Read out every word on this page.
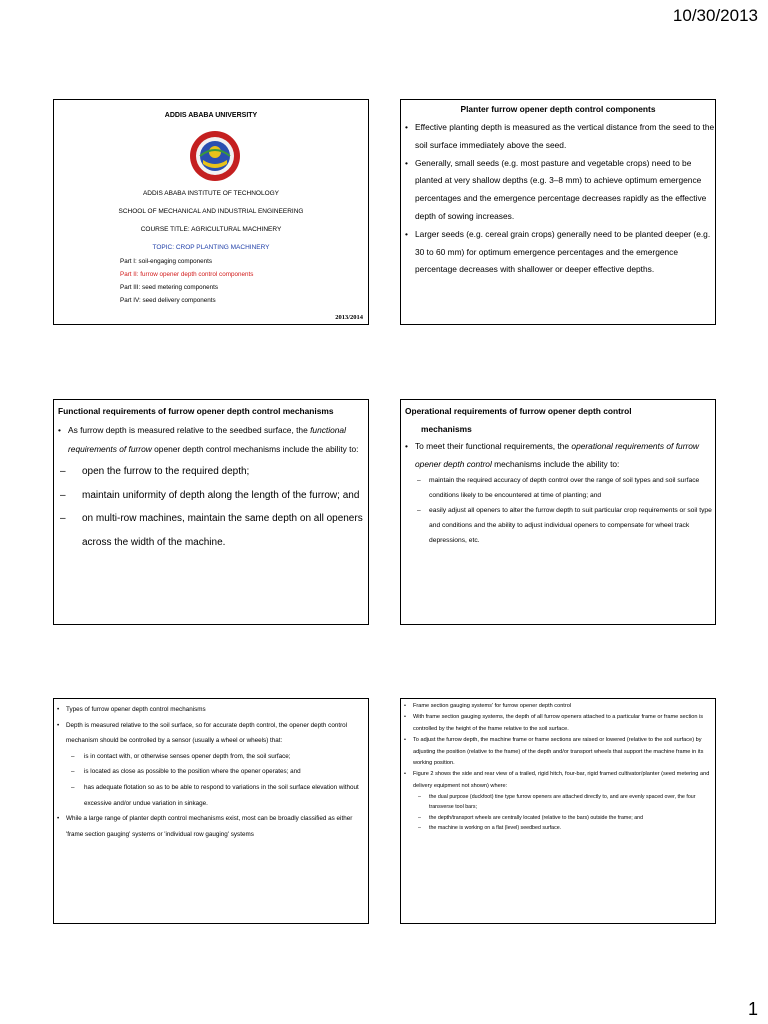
10/30/2013
ADDIS ABABA UNIVERSITY
ADDIS ABABA INSTITUTE OF TECHNOLOGY
SCHOOL OF MECHANICAL AND INDUSTRIAL ENGINEERING
COURSE TITLE: AGRICULTURAL MACHINERY
TOPIC: CROP PLANTING MACHINERY
Part I: soil-engaging components
Part II: furrow opener depth control components
Part III: seed metering components
Part IV: seed delivery components
2013/2014
Planter furrow opener depth control components
• Effective planting depth is measured as the vertical distance from the seed to the soil surface immediately above the seed.
• Generally, small seeds (e.g. most pasture and vegetable crops) need to be planted at very shallow depths (e.g. 3–8 mm) to achieve optimum emergence percentages and the emergence percentage decreases rapidly as the effective depth of sowing increases.
• Larger seeds (e.g. cereal grain crops) generally need to be planted deeper (e.g. 30 to 60 mm) for optimum emergence percentages and the emergence percentage decreases with shallower or deeper effective depths.
Functional requirements of furrow opener depth control mechanisms
• As furrow depth is measured relative to the seedbed surface, the functional requirements of furrow opener depth control mechanisms include the ability to:
– open the furrow to the required depth;
– maintain uniformity of depth along the length of the furrow; and
– on multi-row machines, maintain the same depth on all openers across the width of the machine.
Operational requirements of furrow opener depth control
mechanisms
• To meet their functional requirements, the operational requirements of furrow opener depth control mechanisms include the ability to:
– maintain the required accuracy of depth control over the range of soil types and soil surface conditions likely to be encountered at time of planting; and
– easily adjust all openers to alter the furrow depth to suit particular crop requirements or soil type and conditions and the ability to adjust individual openers to compensate for wheel track depressions, etc.
• Types of furrow opener depth control mechanisms
• Depth is measured relative to the soil surface, so for accurate depth control, the opener depth control mechanism should be controlled by a sensor (usually a wheel or wheels) that:
– is in contact with, or otherwise senses opener depth from, the soil surface;
– is located as close as possible to the position where the opener operates; and
– has adequate flotation so as to be able to respond to variations in the soil surface elevation without excessive and/or undue variation in sinkage.
• While a large range of planter depth control mechanisms exist, most can be broadly classified as either 'frame section gauging' systems or 'individual row gauging' systems
• Frame section gauging systems' for furrow opener depth control
• With frame section gauging systems, the depth of all furrow openers attached to a particular frame or frame section is controlled by the height of the frame relative to the soil surface.
• To adjust the furrow depth, the machine frame or frame sections are raised or lowered (relative to the soil surface) by adjusting the position (relative to the frame) of the depth and/or transport wheels that support the machine frame in its working position.
• Figure 2 shows the side and rear view of a trailed, rigid hitch, four-bar, rigid framed cultivator/planter (seed metering and delivery equipment not shown) where:
– the dual purpose (duckfoot) tine type furrow openers are attached directly to, and are evenly spaced over, the four transverse tool bars;
– the depth/transport wheels are centrally located (relative to the bars) outside the frame; and
– the machine is working on a flat (level) seedbed surface.
1
